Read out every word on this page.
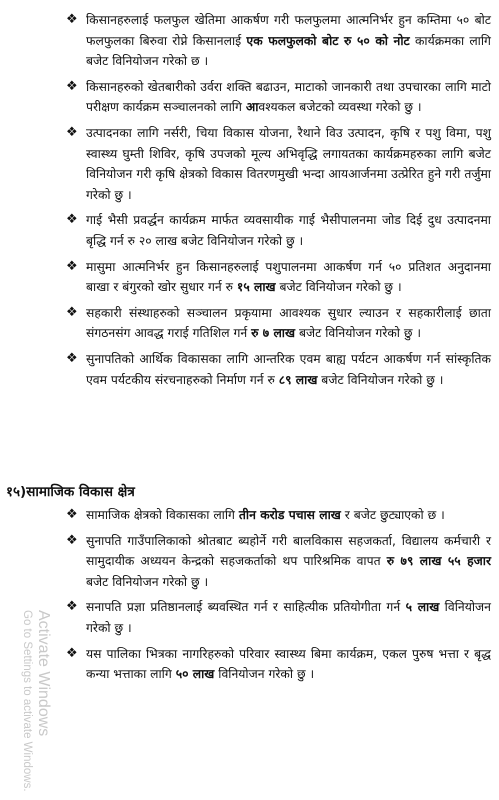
❖ किसानहरुलाई फलफुल खेतिमा आकर्षण गरी फलफुलमा आत्मनिर्भर हुन कम्तिमा ५० बोट फलफुलका बिरुवा रोप्ने किसानलाई एक फलफुलको बोट रु ५० को नोट कार्यक्रमका लागि बजेट विनियोजन गरेको छ ।
❖ किसानहरुको खेतबारीको उर्वरा शक्ति बढाउन, माटाको जानकारी तथा उपचारका लागि माटो परीक्षण कार्यक्रम सञ्चालनको लागि आवश्यकल बजेटको व्यवस्था गरेको छु ।
❖ उत्पादनका लागि नर्सरी, चिया विकास योजना, रैथाने विउ उत्पादन, कृषि र पशु विमा, पशु स्वास्थ्य घुम्ती शिविर, कृषि उपजको मूल्य अभिवृद्धि लगायतका कार्यक्रमहरुका लागि बजेट विनियोजन गरी कृषि क्षेत्रको विकास वितरणमुखी भन्दा आयआर्जनमा उत्प्रेरित हुने गरी तर्जुमा गरेको छु ।
❖ गाई भैसी प्रवर्द्धन कार्यक्रम मार्फत व्यवसायीक गाई भैसीपालनमा जोड दिई दुध उत्पादनमा बृद्धि गर्न रु २० लाख बजेट विनियोजन गरेको छु ।
❖ मासुमा आत्मनिर्भर हुन किसानहरुलाई पशुपालनमा आकर्षण गर्न ५० प्रतिशत अनुदानमा बाखा र बंगुरको खोर सुधार गर्न रु १५ लाख बजेट विनियोजन गरेको छु ।
❖ सहकारी संस्थाहरुको सञ्चालन प्रकृयामा आवश्यक सुधार ल्याउन र सहकारीलाई छाता संगठनसंग आवद्ध गराई गतिशिल गर्न रु ७ लाख बजेट विनियोजन गरेको छु ।
❖ सुनापतिको आर्थिक विकासका लागि आन्तरिक एवम बाह्य पर्यटन आकर्षण गर्न सांस्कृतिक एवम पर्यटकीय संरचनाहरुको निर्माण गर्न रु ८९ लाख बजेट विनियोजन गरेको छु ।
१५)सामाजिक विकास क्षेत्र
❖ सामाजिक क्षेत्रको विकासका लागि तीन करोड पचास लाख र बजेट छुट्याएको छ ।
❖ सुनापति गाउँपालिकाको श्रोतबाट ब्यहोर्ने गरी बालविकास सहजकर्ता, विद्यालय कर्मचारी र सामुदायीक अध्ययन केन्द्रको सहजकर्ताको थप पारिश्रमिक वापत रु ७९ लाख ५५ हजार बजेट विनियोजन गरेको छु ।
❖ सनापति प्रज्ञा प्रतिष्ठानलाई ब्यवस्थित गर्न र साहित्यीक प्रतियोगीता गर्न ५ लाख विनियोजन गरेको छु ।
❖ यस पालिका भित्रका नागरिहरुको परिवार स्वास्थ्य बिमा कार्यक्रम, एकल पुरुष भत्ता र बृद्ध कन्या भत्ताका लागि ५० लाख विनियोजन गरेको छु ।
Activate Windows
Go to Settings to activate Windows.
